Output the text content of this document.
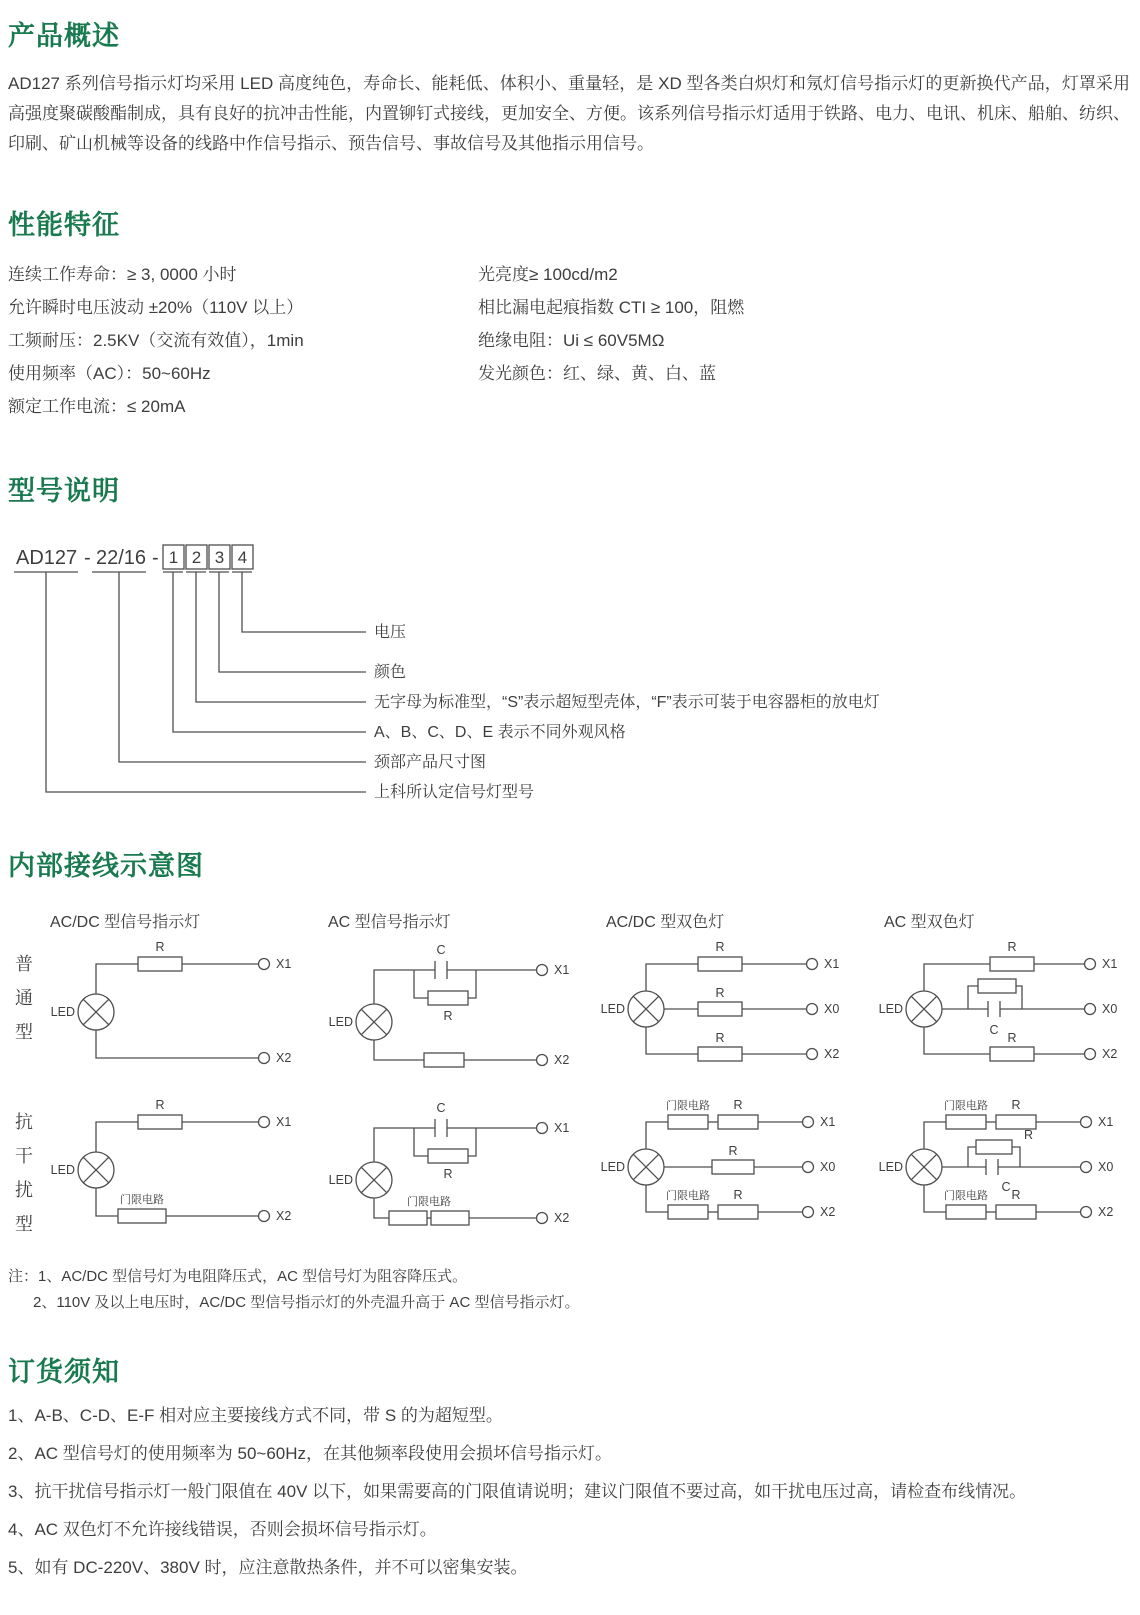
产品概述

AD127 系列信号指示灯均采用 LED 高度纯色，寿命长、能耗低、体积小、重量轻，是 XD 型各类白炽灯和氖灯信号指示灯的更新换代产品，灯罩采用高强度聚碳酸酯制成，具有良好的抗冲击性能，内置铆钉式接线，更加安全、方便。该系列信号指示灯适用于铁路、电力、电讯、机床、船舶、纺织、印刷、矿山机械等设备的线路中作信号指示、预告信号、事故信号及其他指示用信号。

性能特征
连续工作寿命：≥ 3, 0000 小时
允许瞬时电压波动 ±20%（110V 以上）
工频耐压：2.5KV（交流有效值），1min
使用频率（AC）：50~60Hz
额定工作电流：≤ 20mA
光亮度≥ 100cd/m2
相比漏电起痕指数 CTI ≥ 100，阻燃
绝缘电阻：Ui ≤ 60V5MΩ
发光颜色：红、绿、黄、白、蓝
型号说明
AD127 - 22/16 - 1 2 3 4
电压
颜色
无字母为标准型，“S”表示超短型壳体，“F”表示可装于电容器柜的放电灯
A、B、C、D、E 表示不同外观风格
颈部产品尺寸图
上科所认定信号灯型号
内部接线示意图
AC/DC 型信号指示灯	AC 型信号指示灯	AC/DC 型双色灯	AC 型双色灯
普通型 LED
R
X1
X2
LED
C
R
X1
X2
LED
R
R
R
X1
X0
X2
LED
R
C
R
X1
X0
X2
抗干扰型 LED
R
门限电路
X1
X2
LED
C
R
门限电路
X1
X2
LED
门限电路 R
R
门限电路 R
X1
X0
X2
LED
门限电路 R
R
C
门限电路 R
X1
X0
X2
注：1、AC/DC 型信号灯为电阻降压式，AC 型信号灯为阻容降压式。
2、110V 及以上电压时，AC/DC 型信号指示灯的外壳温升高于 AC 型信号指示灯。
订货须知
1、A-B、C-D、E-F 相对应主要接线方式不同，带 S 的为超短型。
2、AC 型信号灯的使用频率为 50~60Hz，在其他频率段使用会损坏信号指示灯。
3、抗干扰信号指示灯一般门限值在 40V 以下，如果需要高的门限值请说明；建议门限值不要过高，如干扰电压过高，请检查布线情况。
4、AC 双色灯不允许接线错误，否则会损坏信号指示灯。
5、如有 DC-220V、380V 时，应注意散热条件，并不可以密集安装。
